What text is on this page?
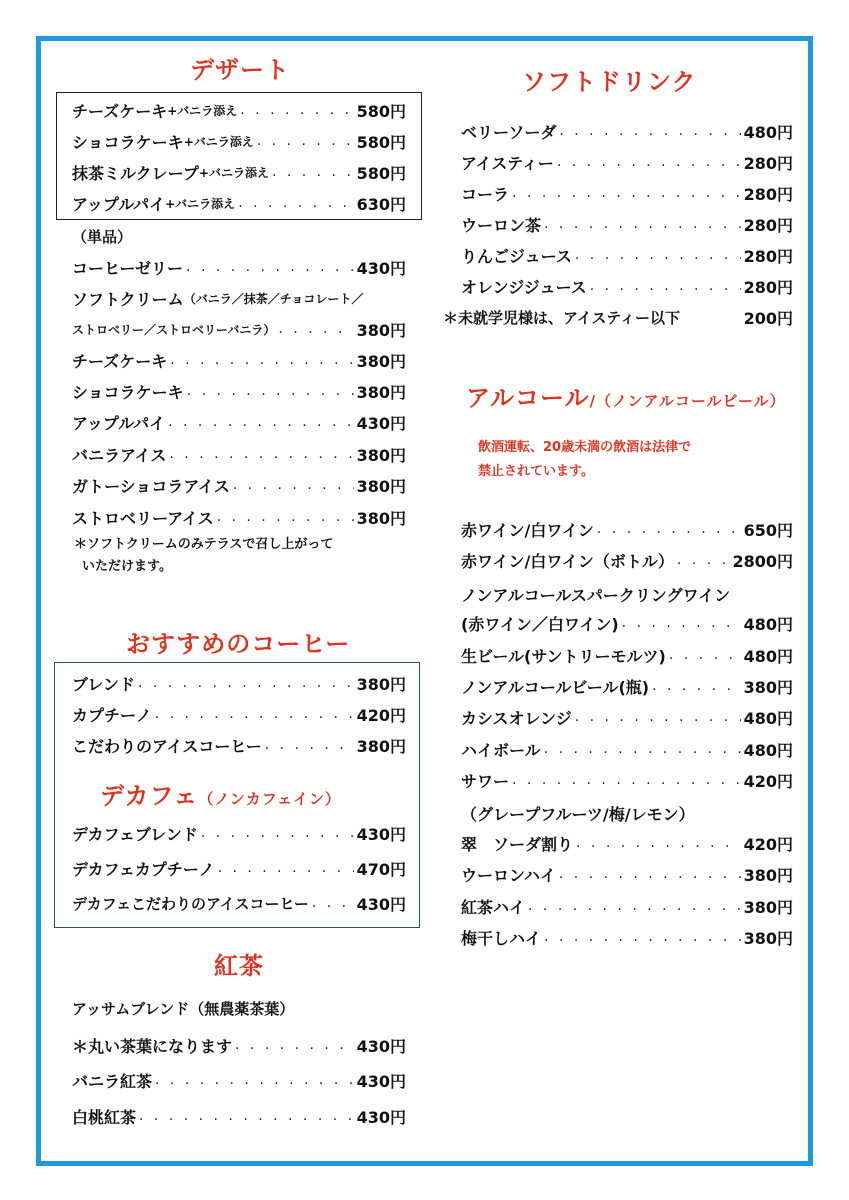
デザート
チーズケーキ +バニラ添え . . .	580円
ショコラケーキ +バニラ添え . . .	580円
抹茶ミルクレープ +バニラ添え . . .	580円
アップルパイ +バニラ添え . . .	630円
（単品）
コーヒーゼリー . . .	430円
ソフトクリーム （バニラ／抹茶／チョコレート／
ストロベリー／ストロベリーバニラ） . . .	380円
チーズケーキ . . .	380円
ショコラケーキ . . .	380円
アップルパイ . . .	430円
バニラアイス . . .	380円
ガトーショコラアイス . . .	380円
ストロベリーアイス . . .	380円
＊ソフトクリームのみテラスで召し上がって
いただけます。
おすすめのコーヒー
ブレンド . . .	380円
カプチーノ . . .	420円
こだわりのアイスコーヒー . . .	380円
デカフェ（ノンカフェイン）
デカフェブレンド . . .	430円
デカフェカプチーノ . . .	470円
デカフェこだわりのアイスコーヒー . . .	430円
紅茶
アッサムブレンド（無農薬茶葉）
＊丸い茶葉になります . . .	430円
バニラ紅茶 . . .	430円
白桃紅茶 . . .	430円
ソフトドリンク
ベリーソーダ . . .	480円
アイスティー . . .	280円
コーラ . . .	280円
ウーロン茶 . . .	280円
りんごジュース . . .	280円
オレンジジュース . . .	280円
＊未就学児様は、アイスティー以下	200円
アルコール/（ノンアルコールビール）
飲酒運転、20歳未満の飲酒は法律で
禁止されています。
赤ワイン/白ワイン . . .	650円
赤ワイン/白ワイン（ボトル） . . .	2800円
ノンアルコールスパークリングワイン
(赤ワイン／白ワイン) . . .	480円
生ビール(サントリーモルツ) . . .	480円
ノンアルコールビール(瓶) . . .	380円
カシスオレンジ . . .	480円
ハイボール . . .	480円
サワー . . .	420円
（グレープフルーツ/梅/レモン）
翠　ソーダ割り . . .	420円
ウーロンハイ . . .	380円
紅茶ハイ . . .	380円
梅干しハイ . . .	380円
